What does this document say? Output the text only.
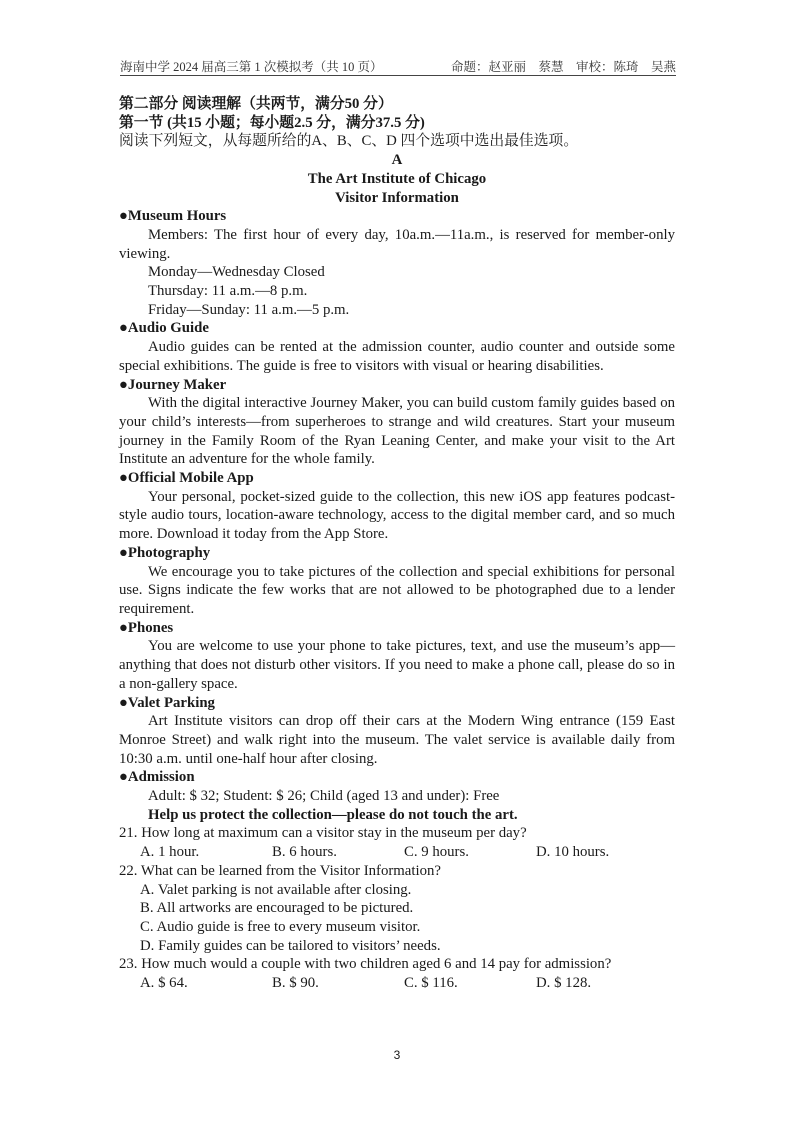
海南中学 2024 届高三第 1 次模拟考（共 10 页）	命题：赵亚丽　蔡慧　审校：陈琦　吴燕

第二部分 阅读理解（共两节，满分50 分）

第一节 (共15 小题；每小题2.5 分，满分37.5 分)

阅读下列短文，从每题所给的A、B、C、D 四个选项中选出最佳选项。

A

The Art Institute of Chicago

Visitor Information

●Museum Hours

Members: The first hour of every day, 10a.m.—11a.m., is reserved for member-only viewing.

Monday—Wednesday Closed

Thursday: 11 a.m.—8 p.m.

Friday—Sunday: 11 a.m.—5 p.m.

●Audio Guide

Audio guides can be rented at the admission counter, audio counter and outside some special exhibitions. The guide is free to visitors with visual or hearing disabilities.

●Journey Maker

With the digital interactive Journey Maker, you can build custom family guides based on your child’s interests—from superheroes to strange and wild creatures. Start your museum journey in the Family Room of the Ryan Leaning Center, and make your visit to the Art Institute an adventure for the whole family.

●Official Mobile App

Your personal, pocket-sized guide to the collection, this new iOS app features podcast-style audio tours, location-aware technology, access to the digital member card, and so much more. Download it today from the App Store.

●Photography

We encourage you to take pictures of the collection and special exhibitions for personal use. Signs indicate the few works that are not allowed to be photographed due to a lender requirement.

●Phones

You are welcome to use your phone to take pictures, text, and use the museum’s app—anything that does not disturb other visitors. If you need to make a phone call, please do so in a non-gallery space.

●Valet Parking

Art Institute visitors can drop off their cars at the Modern Wing entrance (159 East Monroe Street) and walk right into the museum. The valet service is available daily from 10:30 a.m. until one-half hour after closing.

●Admission

Adult: $ 32; Student: $ 26; Child (aged 13 and under): Free

Help us protect the collection—please do not touch the art.

21. How long at maximum can a visitor stay in the museum per day?

A. 1 hour.	B. 6 hours.	C. 9 hours.	D. 10 hours.

22. What can be learned from the Visitor Information?

A. Valet parking is not available after closing.

B. All artworks are encouraged to be pictured.

C. Audio guide is free to every museum visitor.

D. Family guides can be tailored to visitors’ needs.

23. How much would a couple with two children aged 6 and 14 pay for admission?

A. $ 64.	B. $ 90.	C. $ 116.	D. $ 128.
3
